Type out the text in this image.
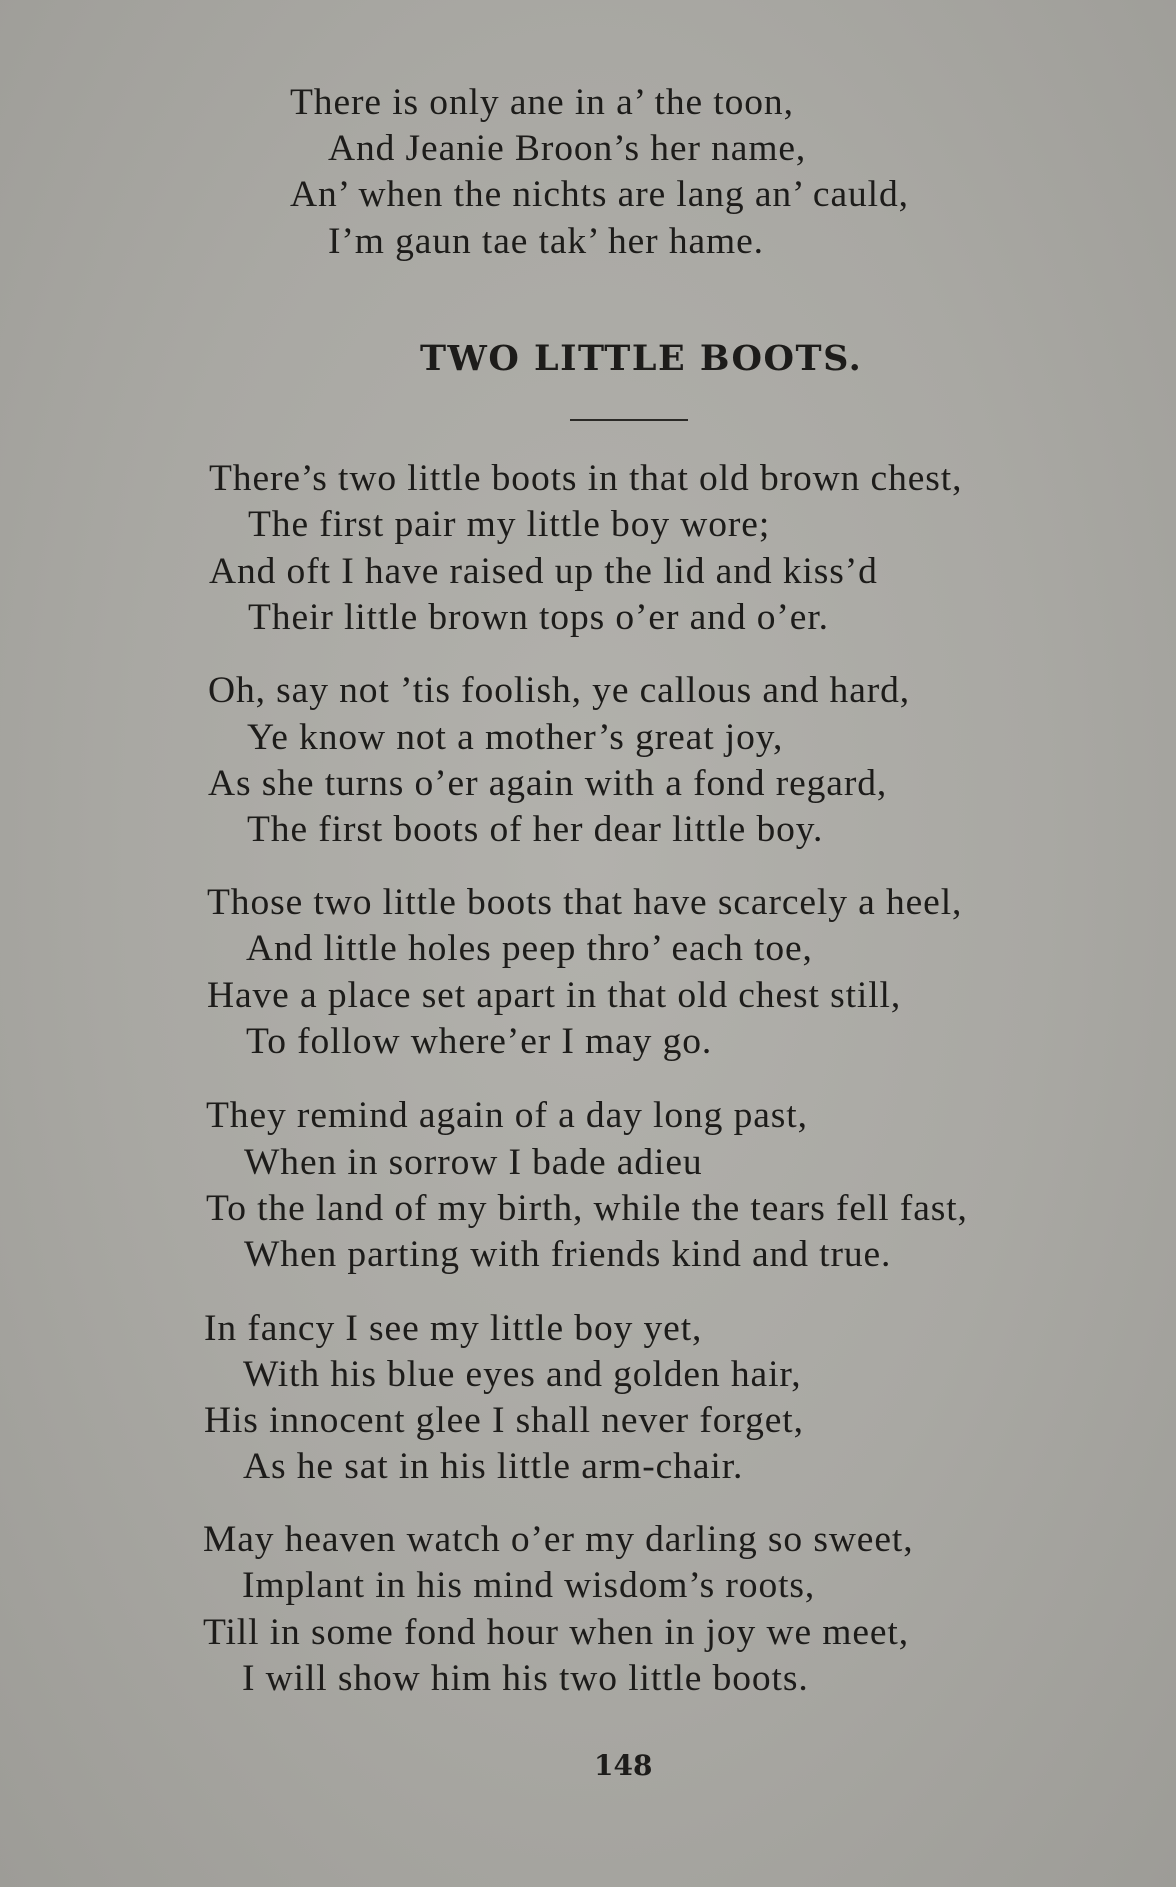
There is only ane in a’ the toon,
And Jeanie Broon’s her name,
An’ when the nichts are lang an’ cauld,
I’m gaun tae tak’ her hame.
TWO LITTLE BOOTS.
There’s two little boots in that old brown chest,
The first pair my little boy wore;
And oft I have raised up the lid and kiss’d
Their little brown tops o’er and o’er.
Oh, say not ’tis foolish, ye callous and hard,
Ye know not a mother’s great joy,
As she turns o’er again with a fond regard,
The first boots of her dear little boy.
Those two little boots that have scarcely a heel,
And little holes peep thro’ each toe,
Have a place set apart in that old chest still,
To follow where’er I may go.
They remind again of a day long past,
When in sorrow I bade adieu
To the land of my birth, while the tears fell fast,
When parting with friends kind and true.
In fancy I see my little boy yet,
With his blue eyes and golden hair,
His innocent glee I shall never forget,
As he sat in his little arm-chair.
May heaven watch o’er my darling so sweet,
Implant in his mind wisdom’s roots,
Till in some fond hour when in joy we meet,
I will show him his two little boots.
148
